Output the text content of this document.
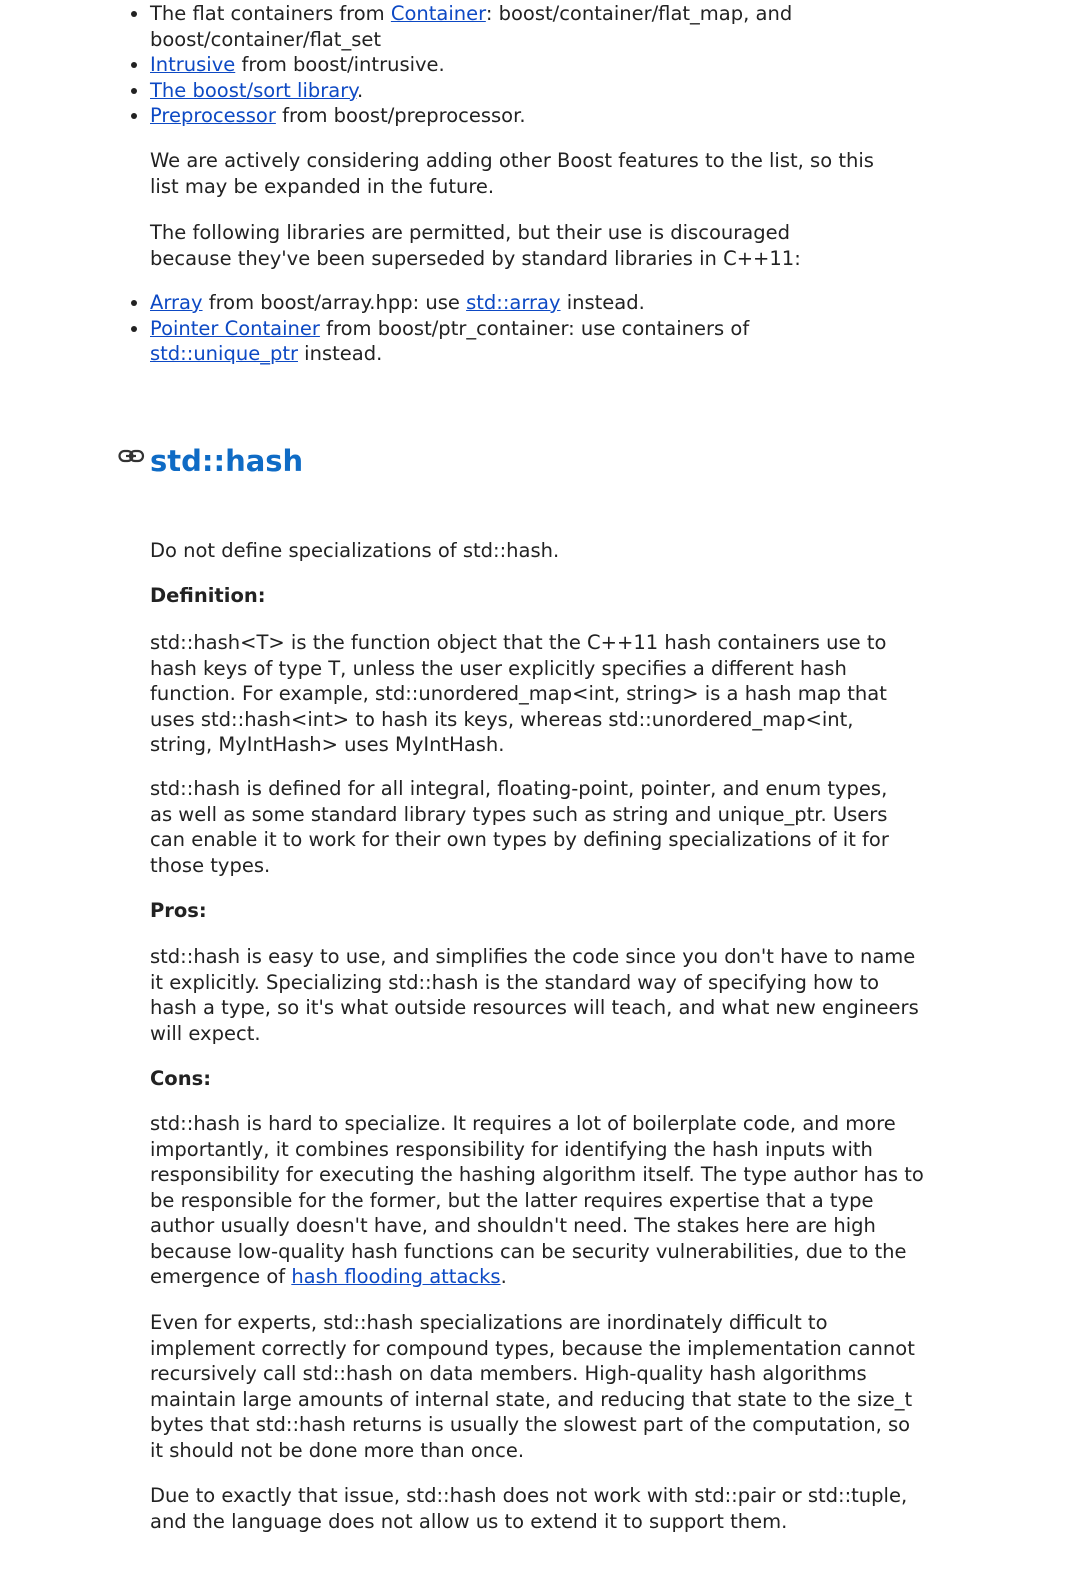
• The flat containers from Container: boost/container/flat_map, and boost/container/flat_set
• Intrusive from boost/intrusive.
• The boost/sort library.
• Preprocessor from boost/preprocessor.

We are actively considering adding other Boost features to the list, so this list may be expanded in the future.

The following libraries are permitted, but their use is discouraged because they've been superseded by standard libraries in C++11:

• Array from boost/array.hpp: use std::array instead.
• Pointer Container from boost/ptr_container: use containers of std::unique_ptr instead.
std::hash

Do not define specializations of std::hash.

Definition:

std::hash<T> is the function object that the C++11 hash containers use to hash keys of type T, unless the user explicitly specifies a different hash function. For example, std::unordered_map<int, string> is a hash map that uses std::hash<int> to hash its keys, whereas std::unordered_map<int, string, MyIntHash> uses MyIntHash.

std::hash is defined for all integral, floating-point, pointer, and enum types, as well as some standard library types such as string and unique_ptr. Users can enable it to work for their own types by defining specializations of it for those types.

Pros:

std::hash is easy to use, and simplifies the code since you don't have to name it explicitly. Specializing std::hash is the standard way of specifying how to hash a type, so it's what outside resources will teach, and what new engineers will expect.

Cons:

std::hash is hard to specialize. It requires a lot of boilerplate code, and more importantly, it combines responsibility for identifying the hash inputs with responsibility for executing the hashing algorithm itself. The type author has to be responsible for the former, but the latter requires expertise that a type author usually doesn't have, and shouldn't need. The stakes here are high because low-quality hash functions can be security vulnerabilities, due to the emergence of hash flooding attacks.

Even for experts, std::hash specializations are inordinately difficult to implement correctly for compound types, because the implementation cannot recursively call std::hash on data members. High-quality hash algorithms maintain large amounts of internal state, and reducing that state to the size_t bytes that std::hash returns is usually the slowest part of the computation, so it should not be done more than once.

Due to exactly that issue, std::hash does not work with std::pair or std::tuple, and the language does not allow us to extend it to support them.
